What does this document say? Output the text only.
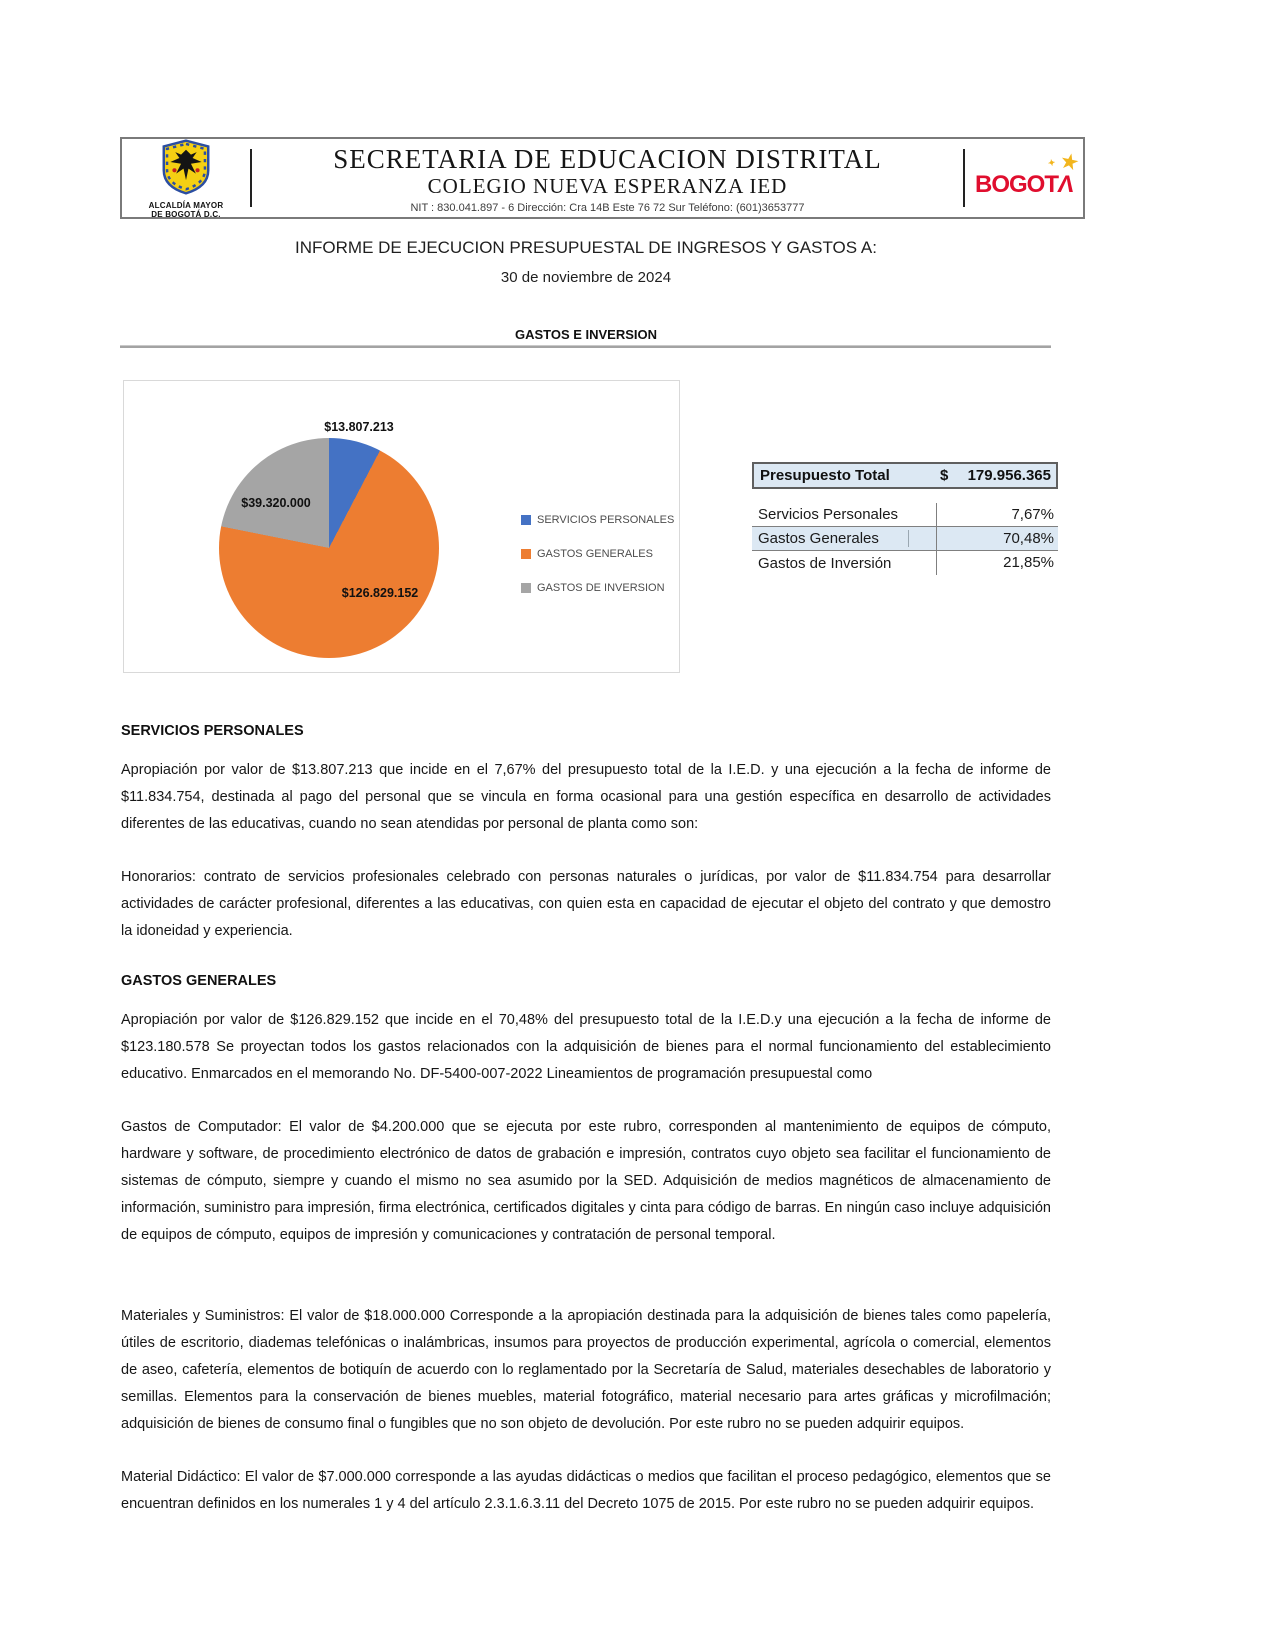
ALCALDÍA MAYOR
DE BOGOTÁ D.C.
SECRETARIA DE EDUCACION DISTRITAL
COLEGIO NUEVA ESPERANZA IED
NIT : 830.041.897 - 6 Dirección: Cra 14B Este 76 72 Sur Teléfono: (601)3653777
★
✦
BOGOTΛ
INFORME DE EJECUCION PRESUPUESTAL DE INGRESOS Y GASTOS A:
30 de noviembre de 2024
GASTOS E INVERSION
$13.807.213
$39.320.000
$126.829.152
SERVICIOS PERSONALES
GASTOS GENERALES
GASTOS DE INVERSION
Presupuesto Total	$ 179.956.365
Servicios Personales	7,67%
Gastos Generales	70,48%
Gastos de Inversión	21,85%
SERVICIOS PERSONALES

Apropiación por valor de $13.807.213 que incide en el 7,67% del presupuesto total de la I.E.D. y una ejecución a la fecha de informe de $11.834.754, destinada al pago del personal que se vincula en forma ocasional para una gestión específica en desarrollo de actividades diferentes de las educativas, cuando no sean atendidas por personal de planta como son:

Honorarios: contrato de servicios profesionales celebrado con personas naturales o jurídicas, por valor de $11.834.754 para desarrollar actividades de carácter profesional, diferentes a las educativas, con quien esta en capacidad de ejecutar el objeto del contrato y que demostro la idoneidad y experiencia.

GASTOS GENERALES

Apropiación por valor de $126.829.152 que incide en el 70,48% del presupuesto total de la I.E.D.y una ejecución a la fecha de informe de $123.180.578 Se proyectan todos los gastos relacionados con la adquisición de bienes para el normal funcionamiento del establecimiento educativo. Enmarcados en el memorando No. DF-5400-007-2022 Lineamientos de programación presupuestal como

Gastos de Computador: El valor de $4.200.000 que se ejecuta por este rubro, corresponden al mantenimiento de equipos de cómputo, hardware y software, de procedimiento electrónico de datos de grabación e impresión, contratos cuyo objeto sea facilitar el funcionamiento de sistemas de cómputo, siempre y cuando el mismo no sea asumido por la SED. Adquisición de medios magnéticos de almacenamiento de información, suministro para impresión, firma electrónica, certificados digitales y cinta para código de barras. En ningún caso incluye adquisición de equipos de cómputo, equipos de impresión y comunicaciones y contratación de personal temporal.

Materiales y Suministros: El valor de $18.000.000 Corresponde a la apropiación destinada para la adquisición de bienes tales como papelería, útiles de escritorio, diademas telefónicas o inalámbricas, insumos para proyectos de producción experimental, agrícola o comercial, elementos de aseo, cafetería, elementos de botiquín de acuerdo con lo reglamentado por la Secretaría de Salud, materiales desechables de laboratorio y semillas. Elementos para la conservación de bienes muebles, material fotográfico, material necesario para artes gráficas y microfilmación; adquisición de bienes de consumo final o fungibles que no son objeto de devolución. Por este rubro no se pueden adquirir equipos.

Material Didáctico: El valor de $7.000.000 corresponde a las ayudas didácticas o medios que facilitan el proceso pedagógico, elementos que se encuentran definidos en los numerales 1 y 4 del artículo 2.3.1.6.3.11 del Decreto 1075 de 2015. Por este rubro no se pueden adquirir equipos.
